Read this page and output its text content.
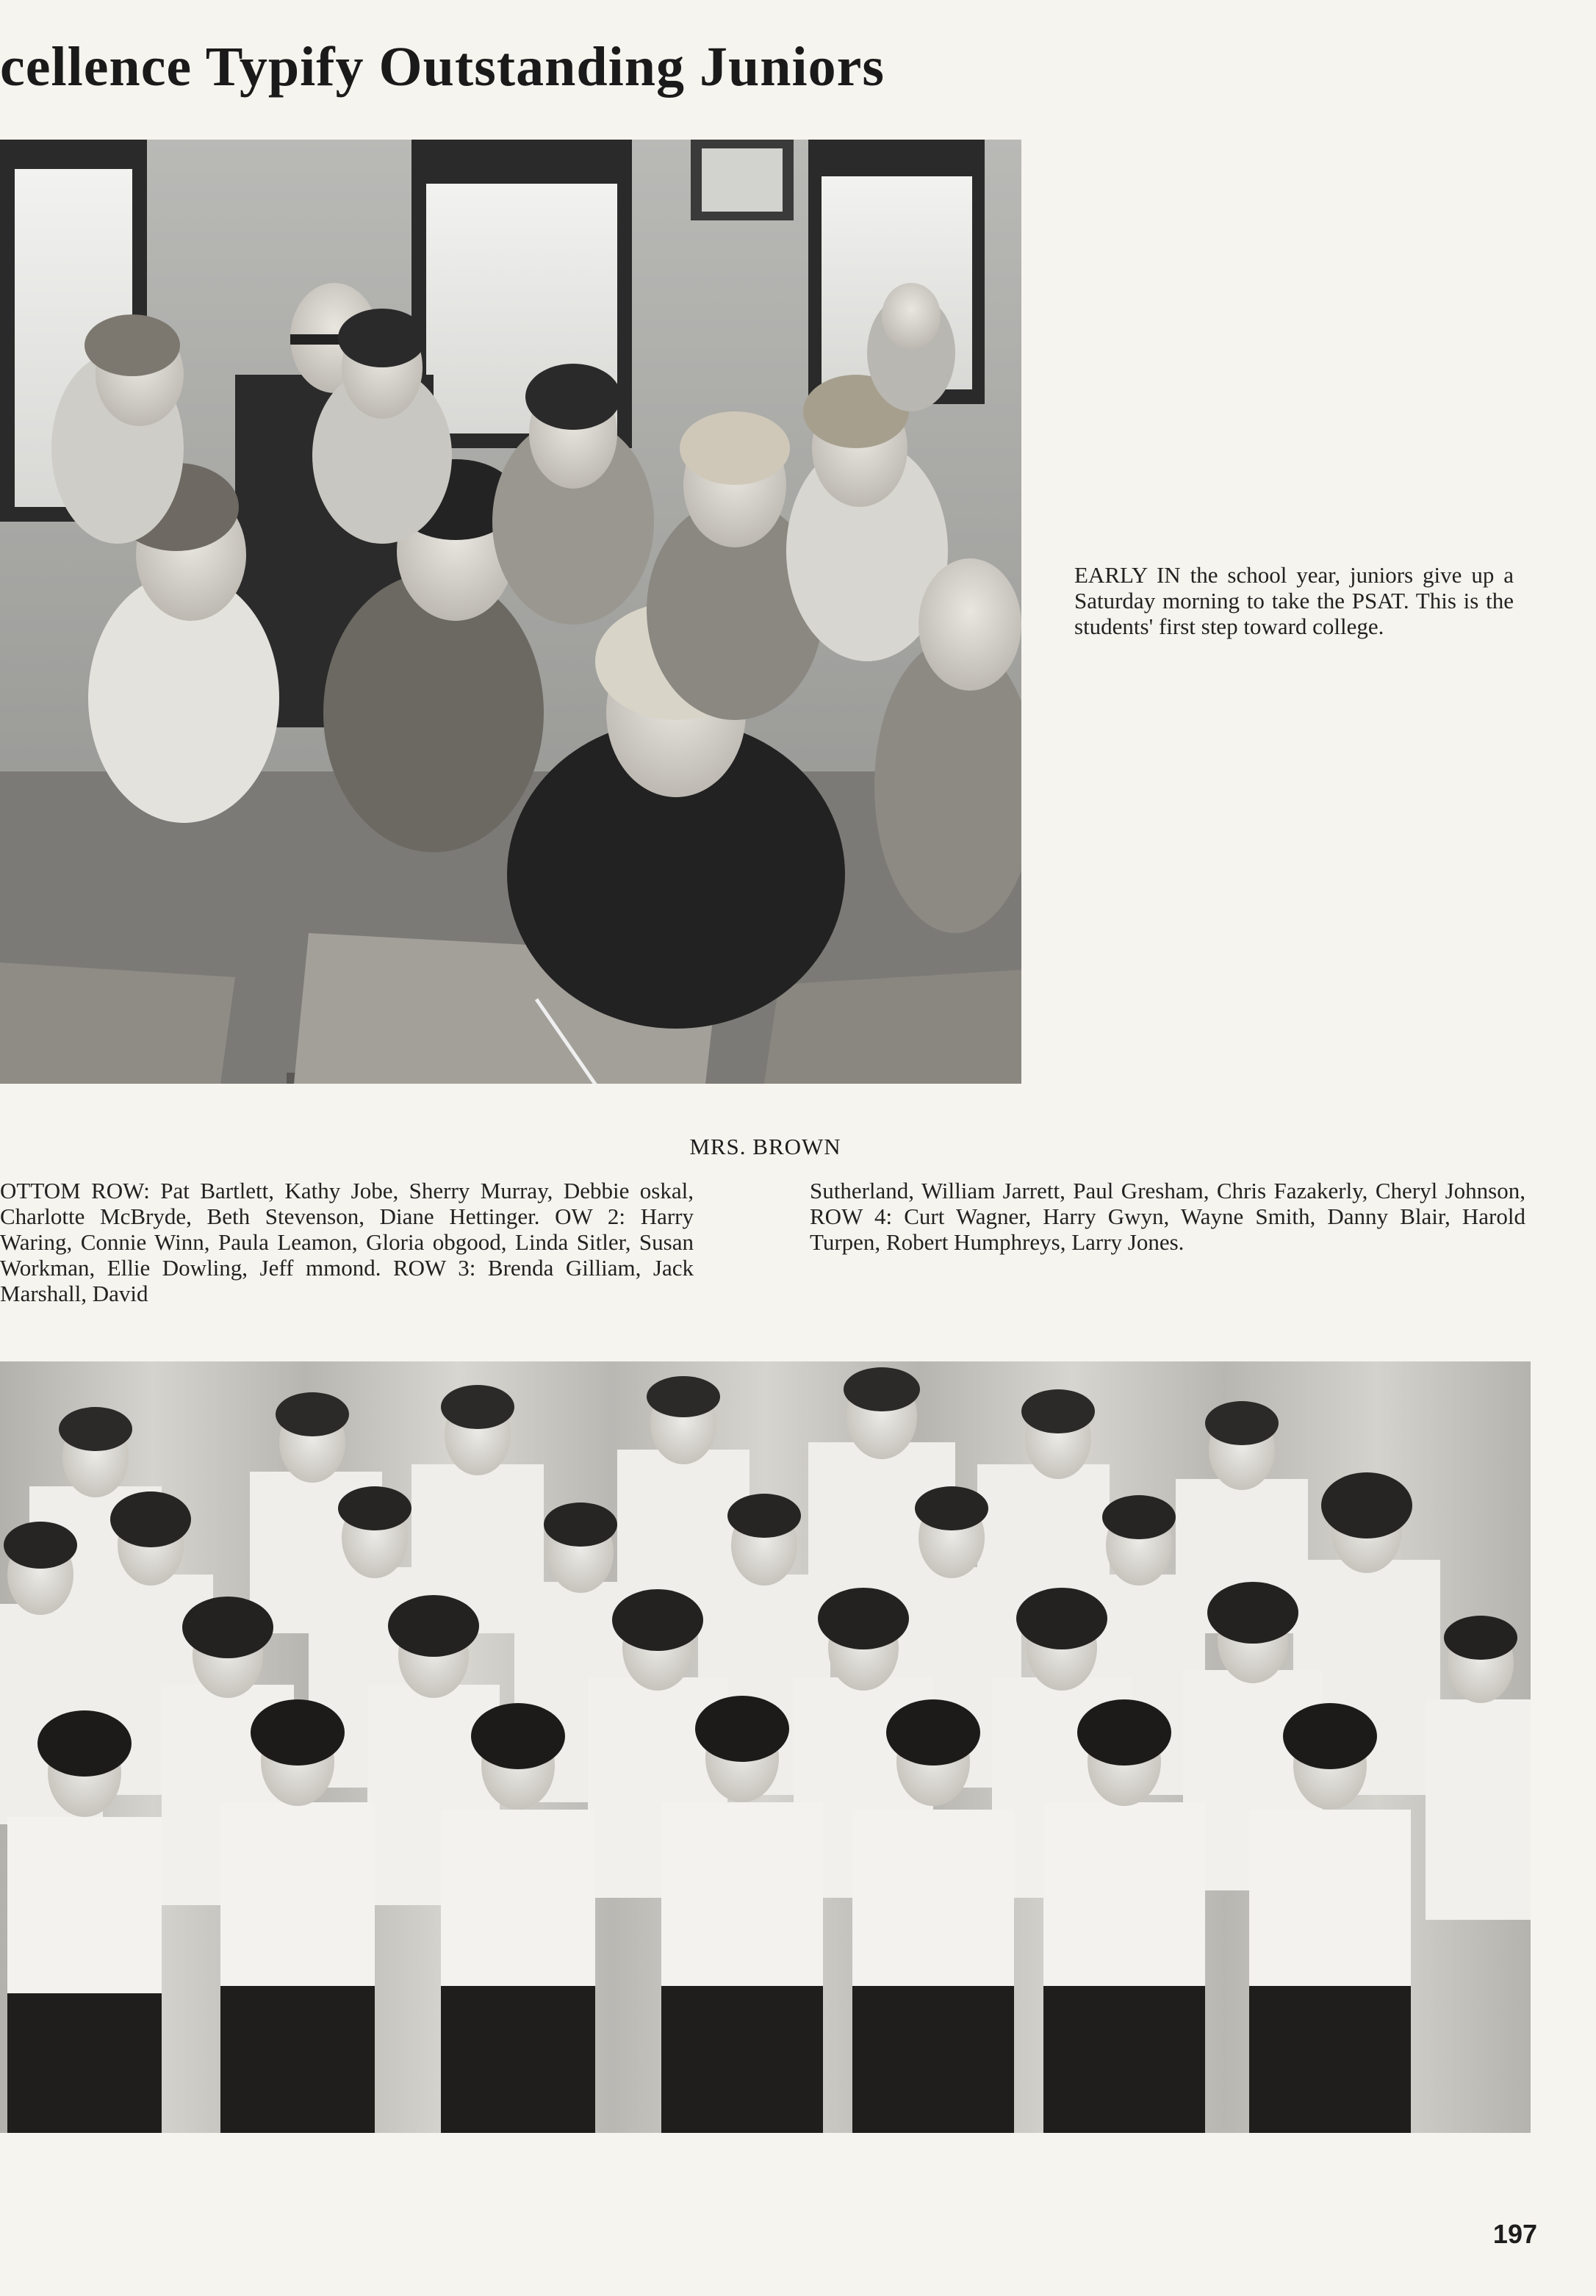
cellence Typify Outstanding Juniors

EARLY IN the school year, juniors give up a Saturday morning to take the PSAT. This is the students' first step toward college.

MRS. BROWN

OTTOM ROW: Pat Bartlett, Kathy Jobe, Sherry Murray, Debbie oskal, Charlotte McBryde, Beth Stevenson, Diane Hettinger. OW 2: Harry Waring, Connie Winn, Paula Leamon, Gloria obgood, Linda Sitler, Susan Workman, Ellie Dowling, Jeff mmond. ROW 3: Brenda Gilliam, Jack Marshall, David

Sutherland, William Jarrett, Paul Gresham, Chris Fazakerly, Cheryl Johnson, ROW 4: Curt Wagner, Harry Gwyn, Wayne Smith, Danny Blair, Harold Turpen, Robert Humphreys, Larry Jones.

197
